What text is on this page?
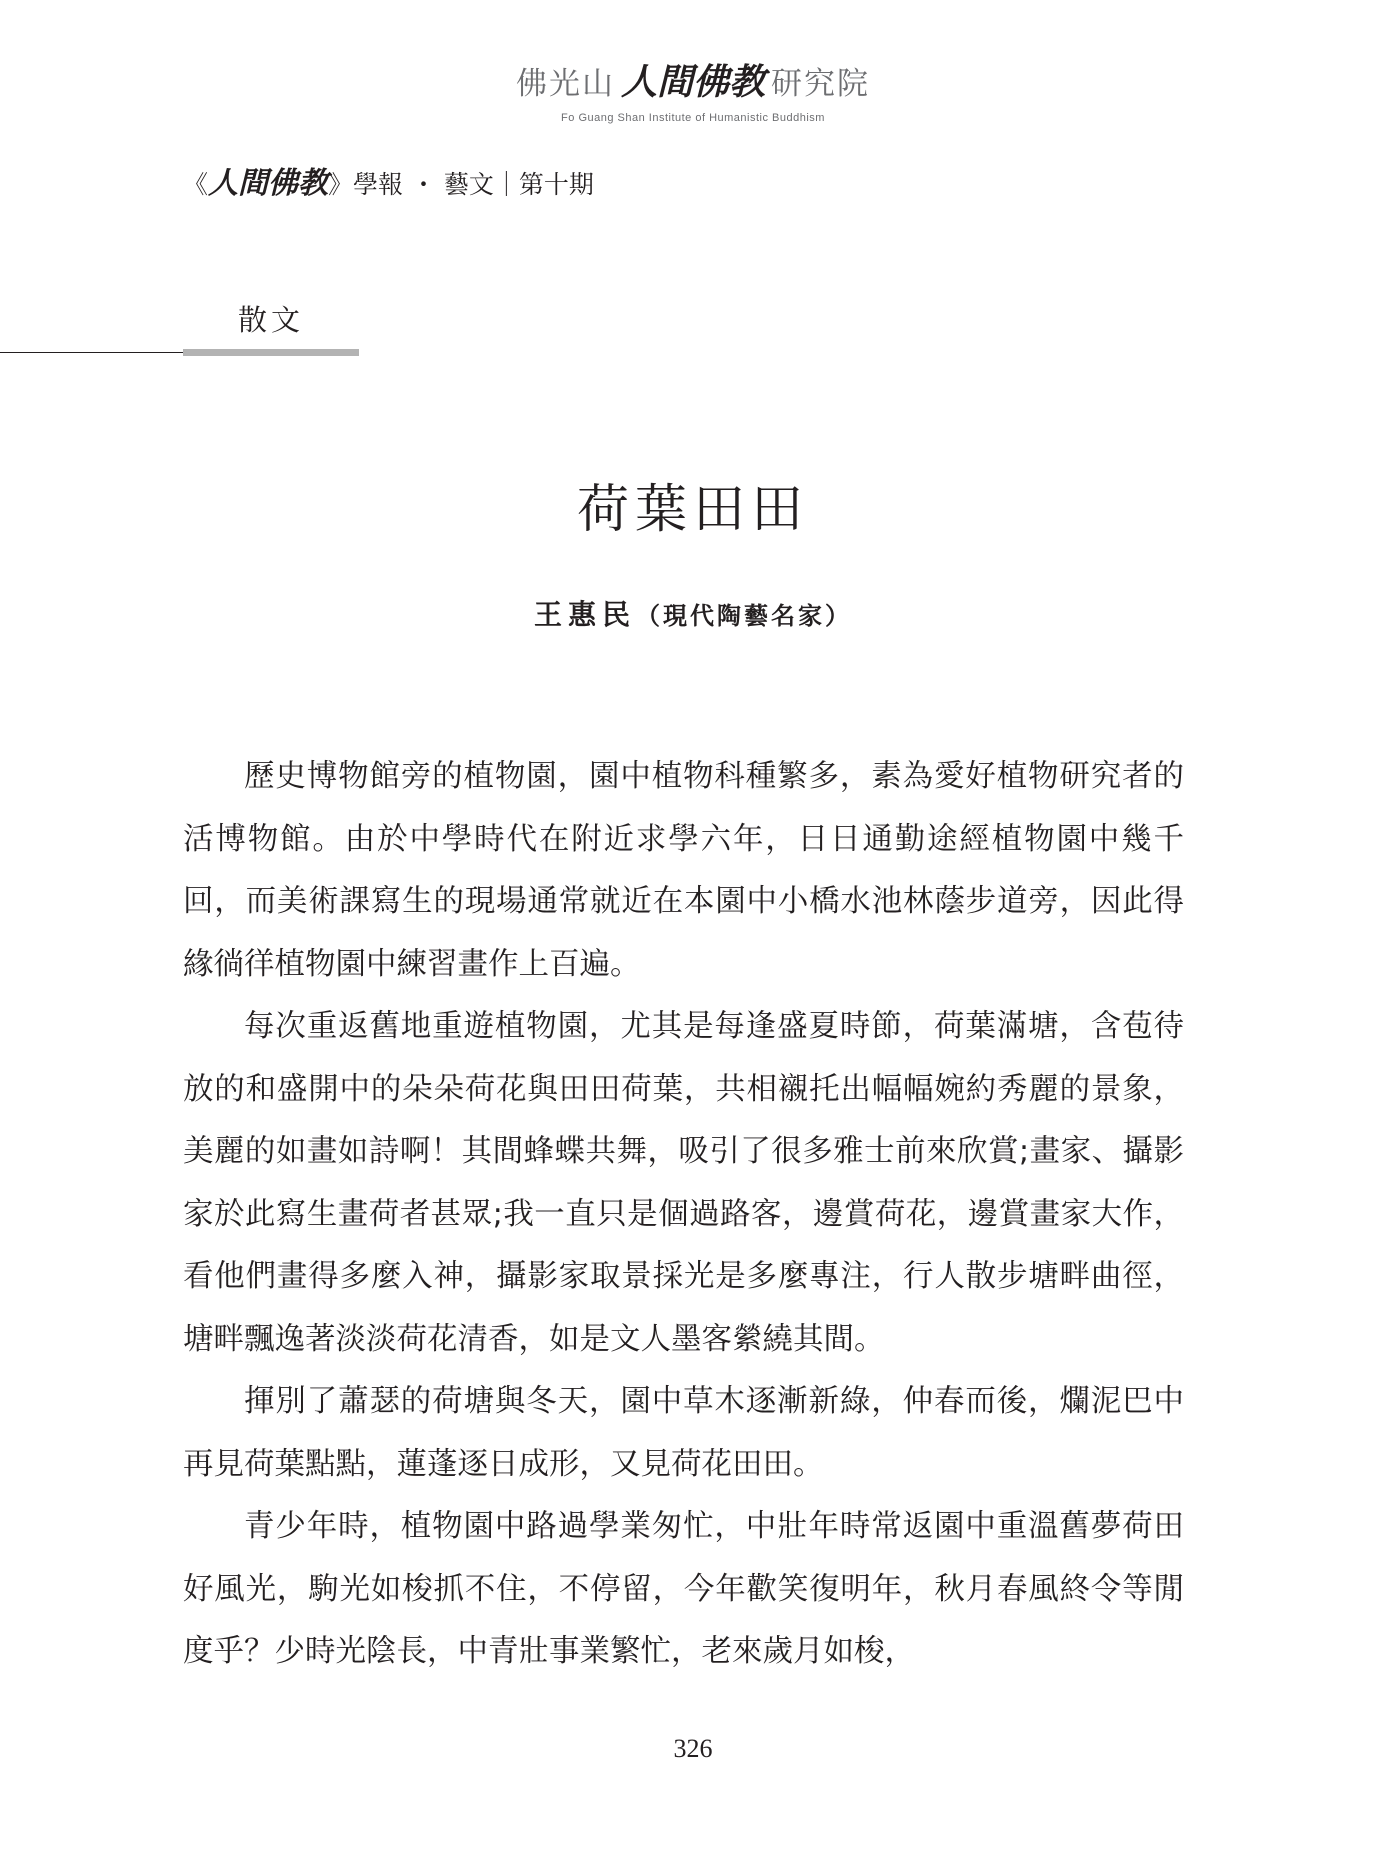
佛光山 人間佛教 研究院
Fo Guang Shan Institute of Humanistic Buddhism
《人間佛教》學報 ・ 藝文｜第十期
散文
荷葉田田
王惠民（現代陶藝名家）

歷史博物館旁的植物園，園中植物科種繁多，素為愛好植物研究者的活博物館。由於中學時代在附近求學六年，日日通勤途經植物園中幾千回，而美術課寫生的現場通常就近在本園中小橋水池林蔭步道旁，因此得緣徜徉植物園中練習畫作上百遍。

每次重返舊地重遊植物園，尤其是每逢盛夏時節，荷葉滿塘，含苞待放的和盛開中的朵朵荷花與田田荷葉，共相襯托出幅幅婉約秀麗的景象，美麗的如畫如詩啊！其間蜂蝶共舞，吸引了很多雅士前來欣賞;畫家、攝影家於此寫生畫荷者甚眾;我一直只是個過路客，邊賞荷花，邊賞畫家大作，看他們畫得多麼入神，攝影家取景採光是多麼專注，行人散步塘畔曲徑，塘畔飄逸著淡淡荷花清香，如是文人墨客縈繞其間。

揮別了蕭瑟的荷塘與冬天，園中草木逐漸新綠，仲春而後，爛泥巴中再見荷葉點點，蓮蓬逐日成形，又見荷花田田。

青少年時，植物園中路過學業匆忙，中壯年時常返園中重溫舊夢荷田好風光，駒光如梭抓不住，不停留，今年歡笑復明年，秋月春風終令等閒度乎？少時光陰長，中青壯事業繁忙，老來歲月如梭，

326
